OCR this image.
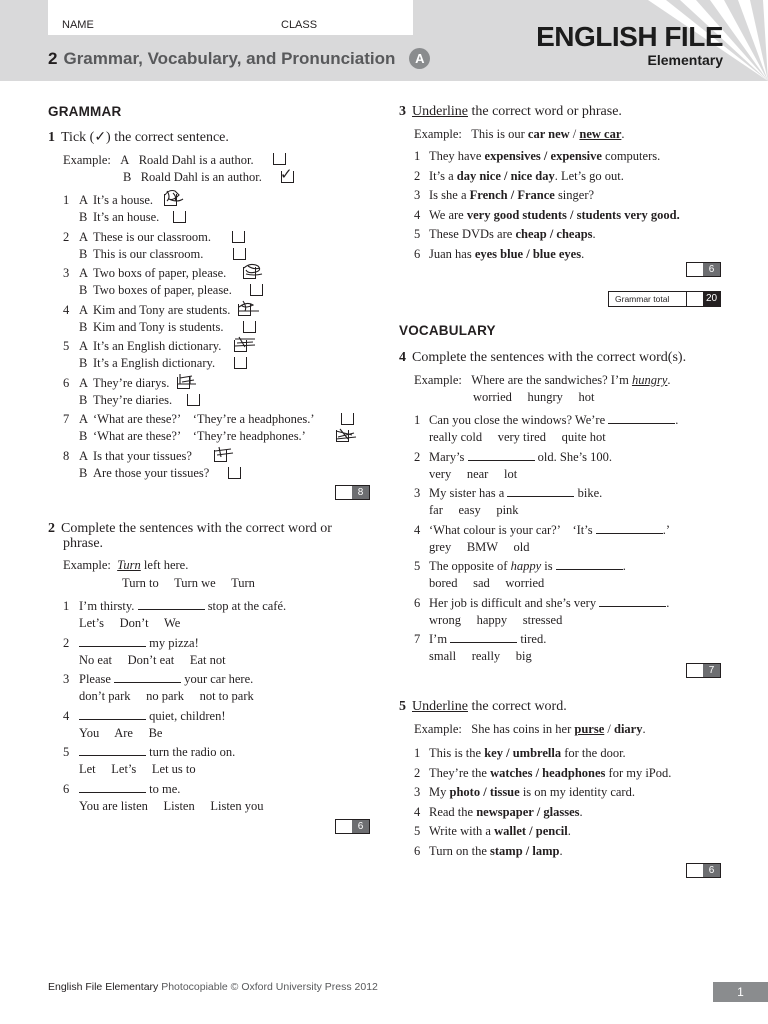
NAME	CLASS
2 Grammar, Vocabulary, and Pronunciation A
ENGLISH FILE
Elementary
GRAMMAR
1 Tick (✓) the correct sentence.
Example:   A   Roald Dahl is a author.
B   Roald Dahl is an author. ✓
1 A It’s a house.
B It’s an house.
2 A These is our classroom.
B This is our classroom.
3 A Two boxs of paper, please.
B Two boxes of paper, please.
4 A Kim and Tony are students.
B Kim and Tony is students.
5 A It’s an English dictionary.
B It’s a English dictionary.
6 A They’re diarys.
B They’re diaries.
7 A ‘What are these?’    ‘They’re a headphones.’
B ‘What are these?’    ‘They’re headphones.’
8 A Is that your tissues?
B Are those your tissues?
8
2 Complete the sentences with the correct word or
phrase.
Example: Turn left here.
Turn to     Turn we     Turn
1 I’m thirsty.	stop at the café.
Let’s     Don’t     We
2	my pizza!
No eat     Don’t eat     Eat not
3 Please	your car here.
don’t park     no park     not to park
4	quiet, children!
You     Are     Be
5	turn the radio on.
Let     Let’s     Let us to
6	to me.
You are listen     Listen     Listen you
6
3 Underline the correct word or phrase.
Example: This is our car new / new car.
1 They have expensives / expensive computers.
2 It’s a day nice / nice day. Let’s go out.
3 Is she a French / France singer?
4 We are very good students / students very good.
5 These DVDs are cheap / cheaps.
6 Juan has eyes blue / blue eyes.
6
Grammar total	20
VOCABULARY
4 Complete the sentences with the correct word(s).
Example: Where are the sandwiches? I’m hungry.
worried     hungry     hot
1 Can you close the windows? We’re	.
really cold     very tired     quite hot
2 Mary’s	old. She’s 100.
very     near     lot
3 My sister has a	bike.
far     easy     pink
4 ‘What colour is your car?’    ‘It’s	.’
grey     BMW     old
5 The opposite of happy is	.
bored     sad     worried
6 Her job is difficult and she’s very	.
wrong     happy     stressed
7 I’m	tired.
small     really     big
7
5 Underline the correct word.
Example: She has coins in her purse / diary.
1 This is the key / umbrella for the door.
2 They’re the watches / headphones for my iPod.
3 My photo / tissue is on my identity card.
4 Read the newspaper / glasses.
5 Write with a wallet / pencil.
6 Turn on the stamp / lamp.
6
English File Elementary Photocopiable © Oxford University Press 2012	1
